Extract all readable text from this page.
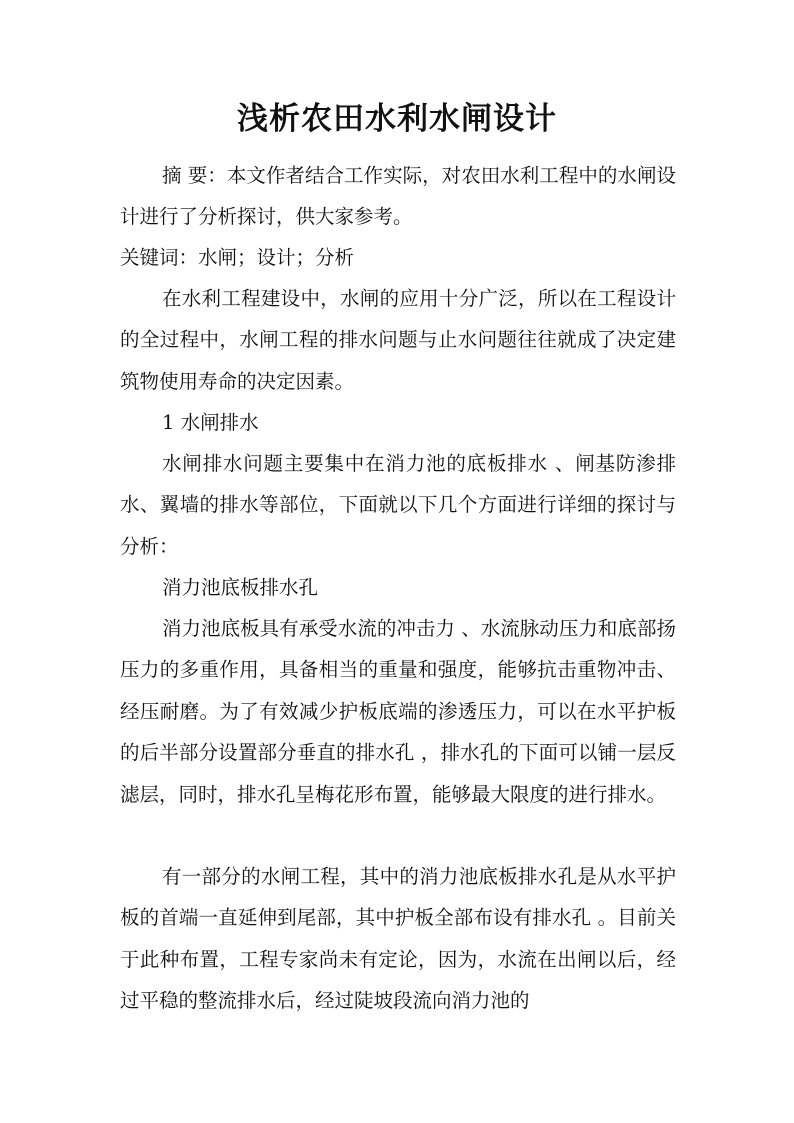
浅析农田水利水闸设计

摘 要：本文作者结合工作实际，对农田水利工程中的水闸设计进行了分析探讨，供大家参考。

关键词：水闸；设计；分析

在水利工程建设中，水闸的应用十分广泛，所以在工程设计的全过程中，水闸工程的排水问题与止水问题往往就成了决定建筑物使用寿命的决定因素。

1 水闸排水

水闸排水问题主要集中在消力池的底板排水 、闸基防渗排水、翼墙的排水等部位，下面就以下几个方面进行详细的探讨与分析：

消力池底板排水孔

消力池底板具有承受水流的冲击力 、水流脉动压力和底部扬压力的多重作用，具备相当的重量和强度，能够抗击重物冲击、经压耐磨。为了有效减少护板底端的渗透压力，可以在水平护板的后半部分设置部分垂直的排水孔 ，排水孔的下面可以铺一层反滤层，同时，排水孔呈梅花形布置，能够最大限度的进行排水。

有一部分的水闸工程，其中的消力池底板排水孔是从水平护板的首端一直延伸到尾部，其中护板全部布设有排水孔 。目前关于此种布置，工程专家尚未有定论，因为，水流在出闸以后，经过平稳的整流排水后，经过陡坡段流向消力池的
